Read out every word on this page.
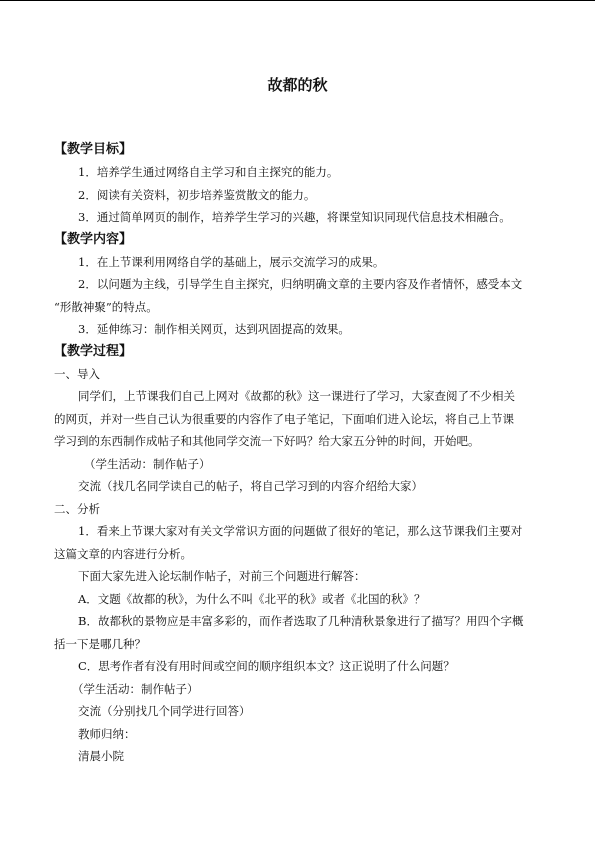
故都的秋
【教学目标】
1．培养学生通过网络自主学习和自主探究的能力。
2．阅读有关资料，初步培养鉴赏散文的能力。
3．通过简单网页的制作，培养学生学习的兴趣，将课堂知识同现代信息技术相融合。
【教学内容】
1．在上节课利用网络自学的基础上，展示交流学习的成果。
2．以问题为主线，引导学生自主探究，归纳明确文章的主要内容及作者情怀，感受本文
“形散神聚”的特点。
3．延伸练习：制作相关网页，达到巩固提高的效果。
【教学过程】
一、导入
同学们，上节课我们自己上网对《故都的秋》这一课进行了学习，大家查阅了不少相关
的网页，并对一些自己认为很重要的内容作了电子笔记，下面咱们进入论坛，将自己上节课
学习到的东西制作成帖子和其他同学交流一下好吗？给大家五分钟的时间，开始吧。
（学生活动：制作帖子）
交流（找几名同学读自己的帖子，将自己学习到的内容介绍给大家）
二、分析
1．看来上节课大家对有关文学常识方面的问题做了很好的笔记，那么这节课我们主要对
这篇文章的内容进行分析。
下面大家先进入论坛制作帖子，对前三个问题进行解答：
A．文题《故都的秋》，为什么不叫《北平的秋》或者《北国的秋》？
B．故都秋的景物应是丰富多彩的，而作者选取了几种清秋景象进行了描写？用四个字概
括一下是哪几种？
C．思考作者有没有用时间或空间的顺序组织本文？这正说明了什么问题？
（学生活动：制作帖子）
交流（分别找几个同学进行回答）
教师归纳：
清晨小院
